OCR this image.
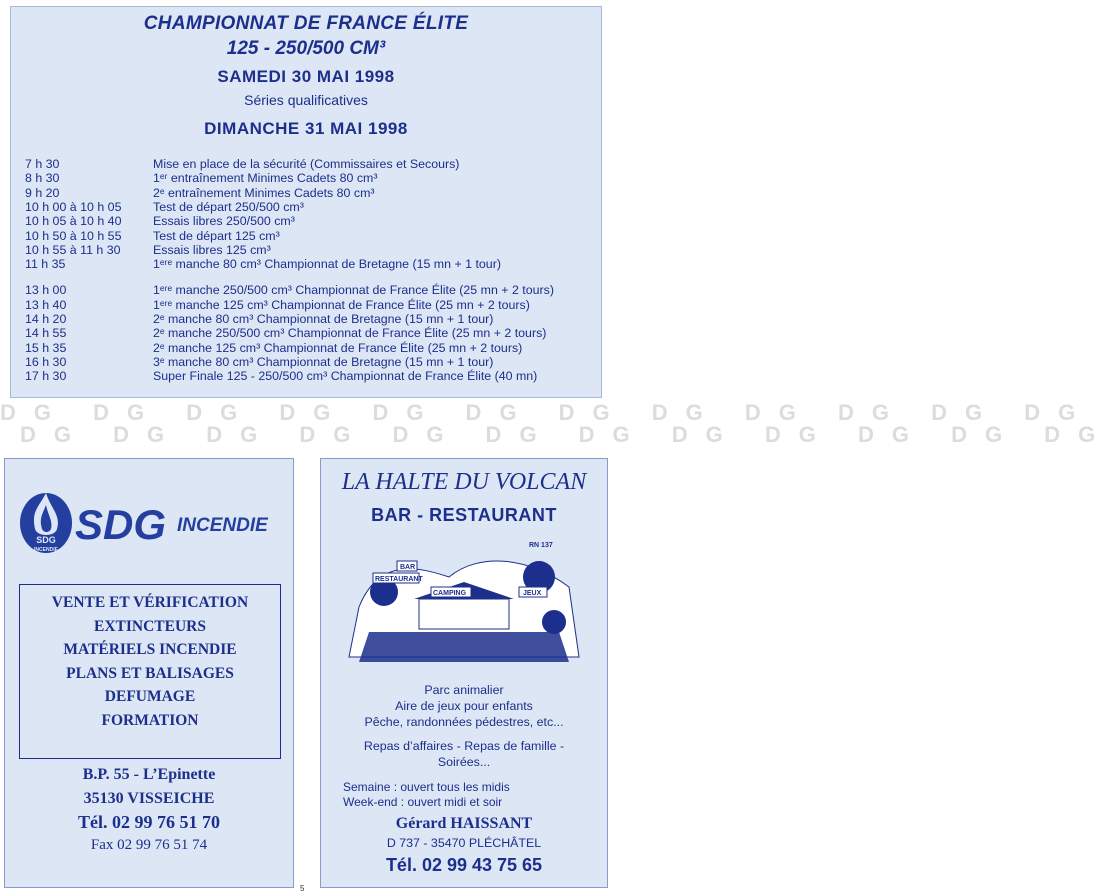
CHAMPIONNAT DE FRANCE ÉLITE
125 - 250/500 CM³
SAMEDI 30 MAI 1998
Séries qualificatives
DIMANCHE 31 MAI 1998
7 h 30	Mise en place de la sécurité (Commissaires et Secours)
8 h 30	1ᵉʳ entraînement Minimes Cadets 80 cm³
9 h 20	2ᵉ entraînement Minimes Cadets 80 cm³
10 h 00 à 10 h 05	Test de départ 250/500 cm³
10 h 05 à 10 h 40	Essais libres 250/500 cm³
10 h 50 à 10 h 55	Test de départ 125 cm³
10 h 55 à 11 h 30	Essais libres 125 cm³
11 h 35	1ᵉʳᵉ manche 80 cm³ Championnat de Bretagne (15 mn + 1 tour)
13 h 00	1ᵉʳᵉ manche 250/500 cm³ Championnat de France Élite (25 mn + 2 tours)
13 h 40	1ᵉʳᵉ manche 125 cm³ Championnat de France Élite (25 mn + 2 tours)
14 h 20	2ᵉ manche 80 cm³ Championnat de Bretagne (15 mn + 1 tour)
14 h 55	2ᵉ manche 250/500 cm³ Championnat de France Élite (25 mn + 2 tours)
15 h 35	2ᵉ manche 125 cm³ Championnat de France Élite (25 mn + 2 tours)
16 h 30	3ᵉ manche 80 cm³ Championnat de Bretagne (15 mn + 1 tour)
17 h 30	Super Finale 125 - 250/500 cm³ Championnat de France Élite (40 mn)
DG DG DG DG DG DG DG DG DG DG DG DG
DG DG DG DG DG DG DG DG DG DG DG DG
SDG
INCENDIE
SDG INCENDIE
VENTE ET VÉRIFICATION
EXTINCTEURS
MATÉRIELS INCENDIE
PLANS ET BALISAGES
DEFUMAGE
FORMATION
B.P. 55 - L’Epinette
35130 VISSEICHE
Tél. 02 99 76 51 70
Fax 02 99 76 51 74
LA HALTE DU VOLCAN
BAR - RESTAURANT
RN 137
BAR
RESTAURANT
CAMPING	JEUX
Parc animalier
Aire de jeux pour enfants
Pêche, randonnées pédestres, etc...
Repas d’affaires - Repas de famille -
Soirées...
Semaine : ouvert tous les midis
Week-end : ouvert midi et soir
Gérard HAISSANT
D 737 - 35470 PLÉCHÂTEL
Tél. 02 99 43 75 65
5
